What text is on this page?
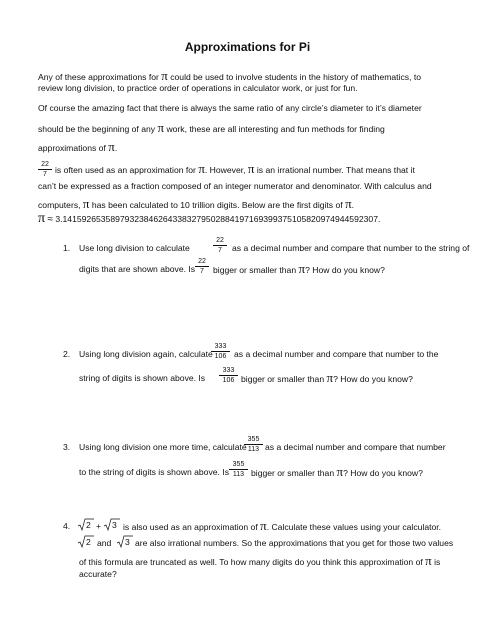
Approximations for Pi
Any of these approximations for π could be used to involve students in the history of mathematics, to
review long division, to practice order of operations in calculator work, or just for fun.
Of course the amazing fact that there is always the same ratio of any circle’s diameter to it’s diameter
should be the beginning of any π work, these are all interesting and fun methods for finding
approximations of π.
$\frac{22}{7}$ is often used as an approximation for π. However, π is an irrational number. That means that it
can’t be expressed as a fraction composed of an integer numerator and denominator. With calculus and
computers, π has been calculated to 10 trillion digits. Below are the first digits of π.
π ≈ 3.14159265358979323846264338327950288419716939937510582097494459230​7.
1. Use long division to calculate	$\frac{22}{7}$ as a decimal number and compare that number to the string of
digits that are shown above. Is $\frac{22}{7}$ bigger or smaller than π? How do you know?
2. Using long division again, calculate
$\frac{333}{106}$ as a decimal number and compare that number to the
string of digits is shown above. Is $\frac{333}{106}$ bigger or smaller than π? How do you know?
3. Using long division one more time, calculate
$\frac{355}{113}$ as a decimal number and compare that number
to the string of digits is shown above. Is $\frac{355}{113}$ bigger or smaller than π? How do you know?
4. 2 + 3 is also used as an approximation of π. Calculate these values using your calculator.
2 and 3 are also irrational numbers. So the approximations that you get for those two values
of this formula are truncated as well. To how many digits do you think this approximation of π is
accurate?
